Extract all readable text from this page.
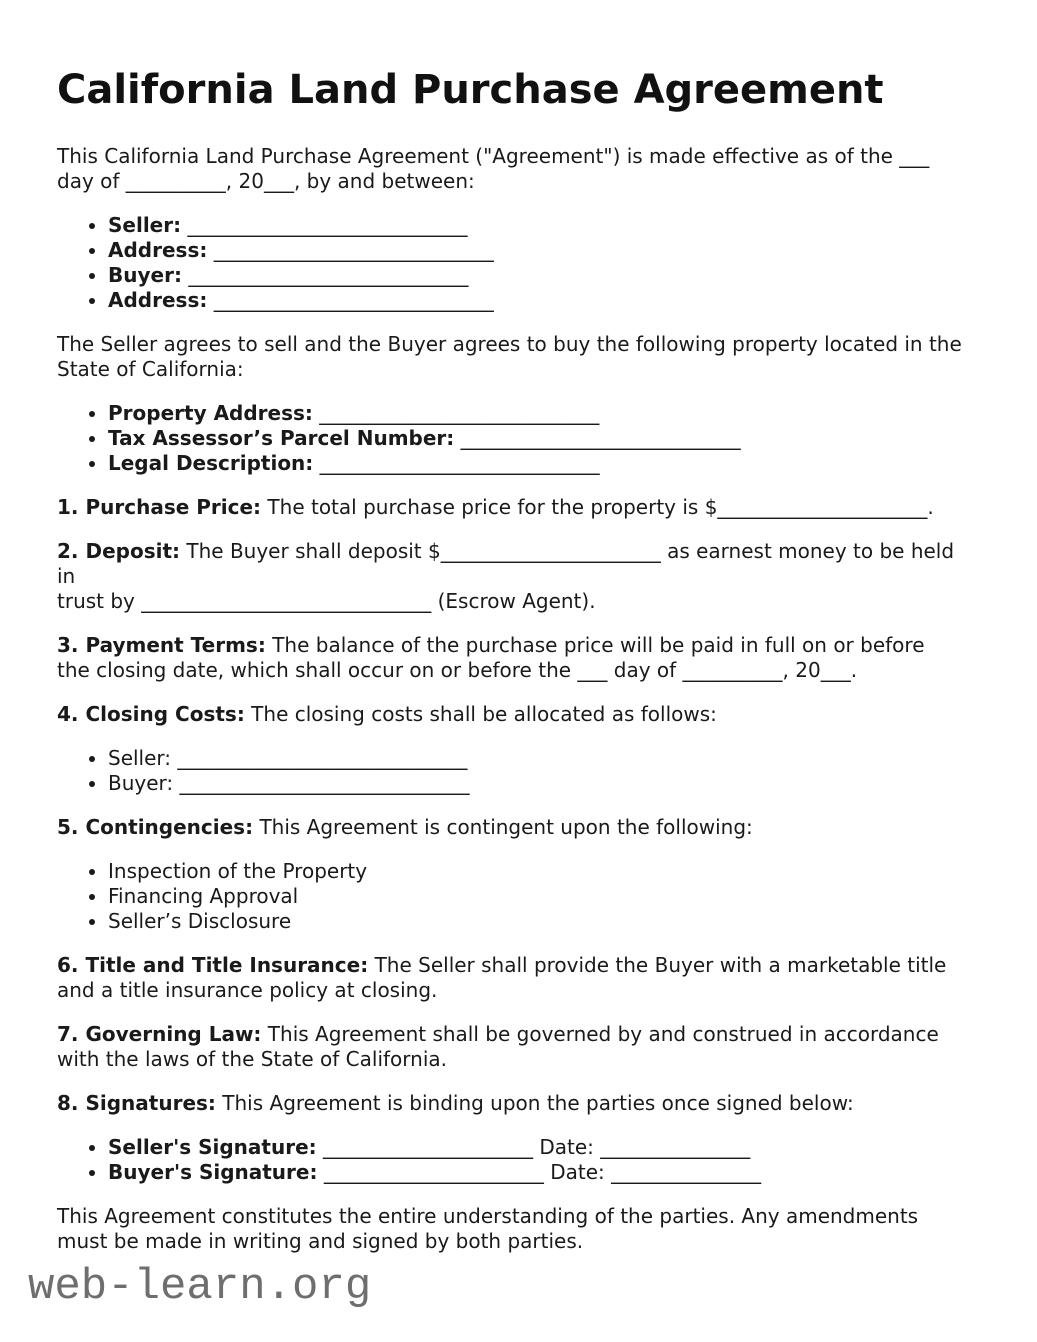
California Land Purchase Agreement

This California Land Purchase Agreement ("Agreement") is made effective as of the ___
day of __________, 20___, by and between:

• Seller: ____________________________
• Address: ____________________________
• Buyer: ____________________________
• Address: ____________________________

The Seller agrees to sell and the Buyer agrees to buy the following property located in the
State of California:

• Property Address: ____________________________
• Tax Assessor’s Parcel Number: ____________________________
• Legal Description: ____________________________

1. Purchase Price: The total purchase price for the property is $_____________________.

2. Deposit: The Buyer shall deposit $______________________ as earnest money to be held in
trust by _____________________________ (Escrow Agent).

3. Payment Terms: The balance of the purchase price will be paid in full on or before
the closing date, which shall occur on or before the ___ day of __________, 20___.

4. Closing Costs: The closing costs shall be allocated as follows:

• Seller: _____________________________
• Buyer: _____________________________

5. Contingencies: This Agreement is contingent upon the following:

• Inspection of the Property
• Financing Approval
• Seller’s Disclosure

6. Title and Title Insurance: The Seller shall provide the Buyer with a marketable title
and a title insurance policy at closing.

7. Governing Law: This Agreement shall be governed by and construed in accordance
with the laws of the State of California.

8. Signatures: This Agreement is binding upon the parties once signed below:

• Seller's Signature: _____________________ Date: _______________
• Buyer's Signature: ______________________ Date: _______________

This Agreement constitutes the entire understanding of the parties. Any amendments
must be made in writing and signed by both parties.

web-learn.org
